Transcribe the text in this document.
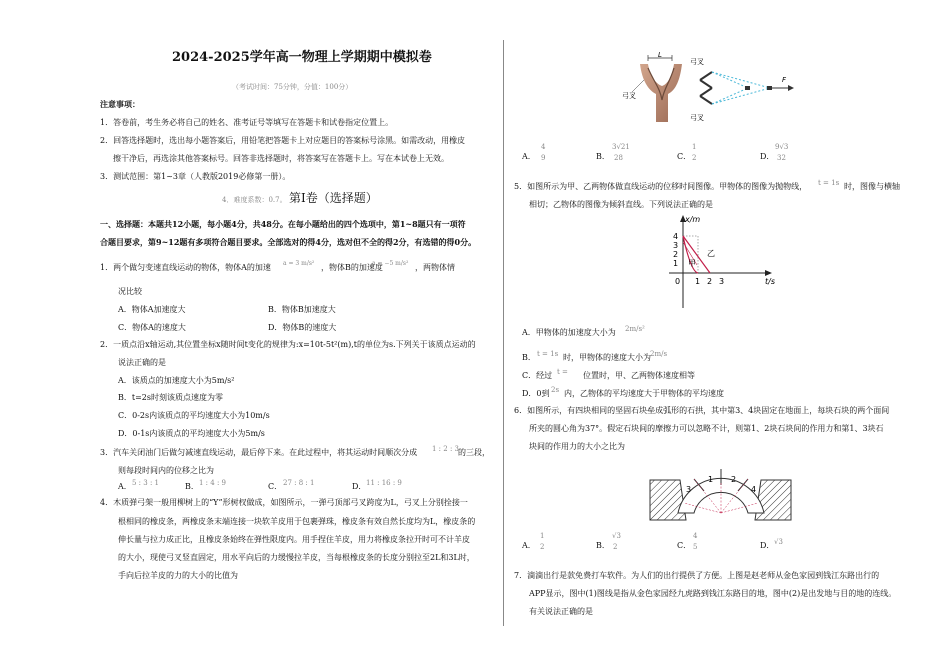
2024-2025学年高一物理上学期期中模拟卷
（考试时间：75分钟，分值：100分）
注意事项：
1．答卷前，考生务必将自己的姓名、准考证号等填写在答题卡和试卷指定位置上。
2．回答选择题时，选出每小题答案后，用铅笔把答题卡上对应题目的答案标号涂黑。如需改动，用橡皮
擦干净后，再选涂其他答案标号。回答非选择题时，将答案写在答题卡上。写在本试卷上无效。
3．测试范围：第1~3章（人教版2019必修第一册）。
4．难度系数：0.7。 第Ⅰ卷（选择题）
一、选择题：本题共12小题，每小题4分，共48分。在每小题给出的四个选项中，第1~8题只有一项符
合题目要求，第9~12题有多项符合题目要求。全部选对的得4分，选对但不全的得2分，有选错的得0分。
1．两个做匀变速直线运动的物体，物体A的加速 a = 3 m/s² ，物体B的加速度
a = −5 m/s² ，两物体情
况比较
A．物体A加速度大	B．物体B加速度大
C．物体A的速度大	D．物体B的速度大
2．一质点沿x轴运动,其位置坐标x随时间t变化的规律为:x=10t-5t²(m),t的单位为s.下列关于该质点运动的
说法正确的是
A．该质点的加速度大小为5m/s²
B．t=2s时刻该质点速度为零
C．0-2s内该质点的平均速度大小为10m/s
D．0-1s内该质点的平均速度大小为5m/s
3．汽车关闭油门后做匀减速直线运动，最后停下来。在此过程中，将其运动时间顺次分成 1 : 2 : 3 的三段，
则每段时间内的位移之比为
A． 5 : 3 : 1	B． 1 : 4 : 9	C． 27 : 8 : 1	D． 11 : 16 : 9
4．木质弹弓架一般用柳树上的“Y”形树杈做成，如图所示，一弹弓顶部弓叉跨度为L，弓叉上分别拴接一
根相同的橡皮条，两橡皮条末端连接一块软羊皮用于包裹弹珠，橡皮条有效自然长度均为L，橡皮条的
伸长量与拉力成正比，且橡皮条始终在弹性限度内。用手捏住羊皮，用力将橡皮条拉开时可不计羊皮
的大小，现使弓叉竖直固定，用水平向后的力缓慢拉羊皮，当每根橡皮条的长度分别拉至2L和3L时，
手向后拉羊皮的力的大小的比值为
L
弓叉
弓叉
弓叉
F
A．
4
9	B．
3√21
28	C．
1
2	D．
9√3
32
5．如图所示为甲、乙两物体做直线运动的位移时间图像。甲物体的图像为抛物线， t = 1s 时，图像与横轴
相切；乙物体的图像为倾斜直线。下列说法正确的是
x/m
t/s
1
2
3
4
0 1 2 3
甲
乙
A．甲物体的加速度大小为 2m/s²
B． t = 1s 时，甲物体的速度大小为 2m/s
C．经过 t = 位置时，甲、乙两物体速度相等
D．0到 2s 内，乙物体的平均速度大于甲物体的平均速度
6．如图所示，有四块相同的坚固石块垒成弧形的石拱，其中第3、4块固定在地面上，每块石块的两个面间
所夹的圆心角为37°。假定石块间的摩擦力可以忽略不计，则第1、2块石块间的作用力和第1、3块石
块间的作用力的大小之比为
1 2
3	4
A．
1
2	B．
√3
2	C．
4
5	D． √3
7．滴滴出行是款免费打车软件。为人们的出行提供了方便。上图是赵老师从金色家园到钱江东路出行的
APP显示，图中(1)图线是指从金色家园经九虎路到钱江东路目的地，图中(2)是出发地与目的地的连线。
有关说法正确的是
